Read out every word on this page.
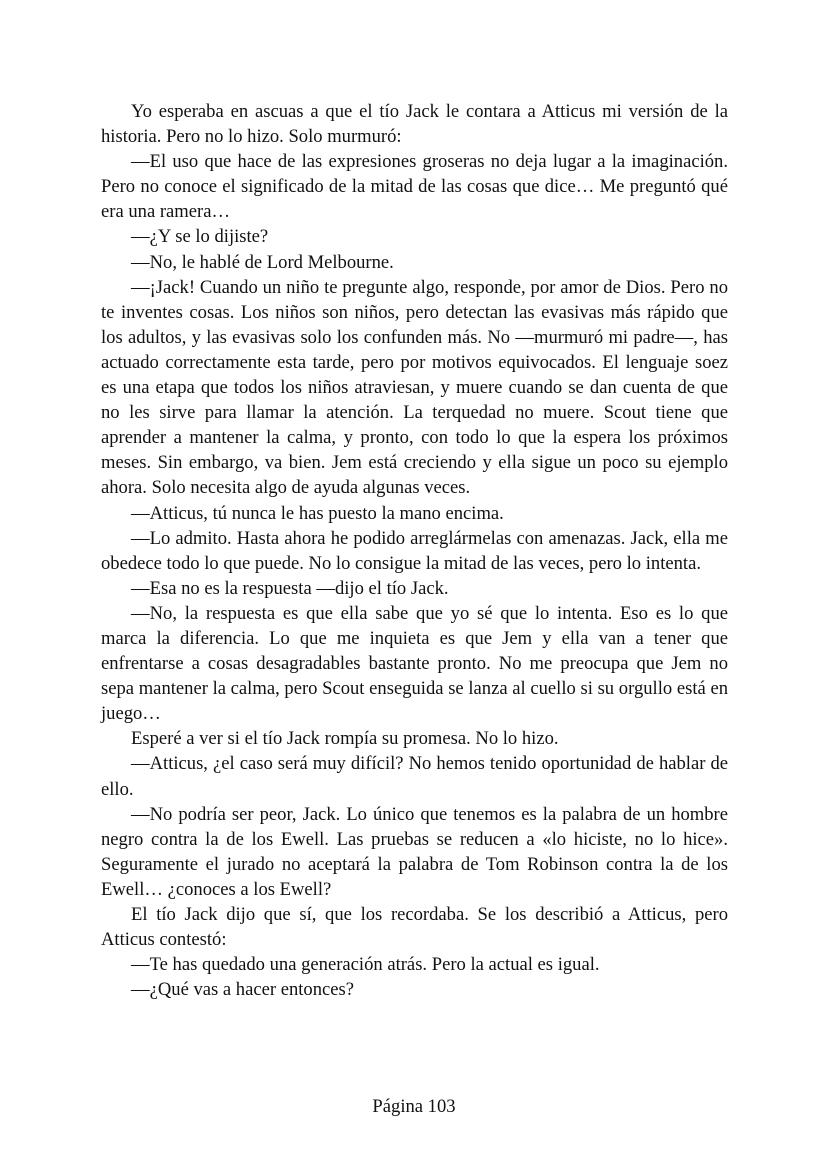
Yo esperaba en ascuas a que el tío Jack le contara a Atticus mi versión de la historia. Pero no lo hizo. Solo murmuró:

—El uso que hace de las expresiones groseras no deja lugar a la imaginación. Pero no conoce el significado de la mitad de las cosas que dice… Me preguntó qué era una ramera…

—¿Y se lo dijiste?

—No, le hablé de Lord Melbourne.

—¡Jack! Cuando un niño te pregunte algo, responde, por amor de Dios. Pero no te inventes cosas. Los niños son niños, pero detectan las evasivas más rápido que los adultos, y las evasivas solo los confunden más. No —murmuró mi padre—, has actuado correctamente esta tarde, pero por motivos equivocados. El lenguaje soez es una etapa que todos los niños atraviesan, y muere cuando se dan cuenta de que no les sirve para llamar la atención. La terquedad no muere. Scout tiene que aprender a mantener la calma, y pronto, con todo lo que la espera los próximos meses. Sin embargo, va bien. Jem está creciendo y ella sigue un poco su ejemplo ahora. Solo necesita algo de ayuda algunas veces.

—Atticus, tú nunca le has puesto la mano encima.

—Lo admito. Hasta ahora he podido arreglármelas con amenazas. Jack, ella me obedece todo lo que puede. No lo consigue la mitad de las veces, pero lo intenta.

—Esa no es la respuesta —dijo el tío Jack.

—No, la respuesta es que ella sabe que yo sé que lo intenta. Eso es lo que marca la diferencia. Lo que me inquieta es que Jem y ella van a tener que enfrentarse a cosas desagradables bastante pronto. No me preocupa que Jem no sepa mantener la calma, pero Scout enseguida se lanza al cuello si su orgullo está en juego…

Esperé a ver si el tío Jack rompía su promesa. No lo hizo.

—Atticus, ¿el caso será muy difícil? No hemos tenido oportunidad de hablar de ello.

—No podría ser peor, Jack. Lo único que tenemos es la palabra de un hombre negro contra la de los Ewell. Las pruebas se reducen a «lo hiciste, no lo hice». Seguramente el jurado no aceptará la palabra de Tom Robinson contra la de los Ewell… ¿conoces a los Ewell?

El tío Jack dijo que sí, que los recordaba. Se los describió a Atticus, pero Atticus contestó:

—Te has quedado una generación atrás. Pero la actual es igual.

—¿Qué vas a hacer entonces?

Página 103
